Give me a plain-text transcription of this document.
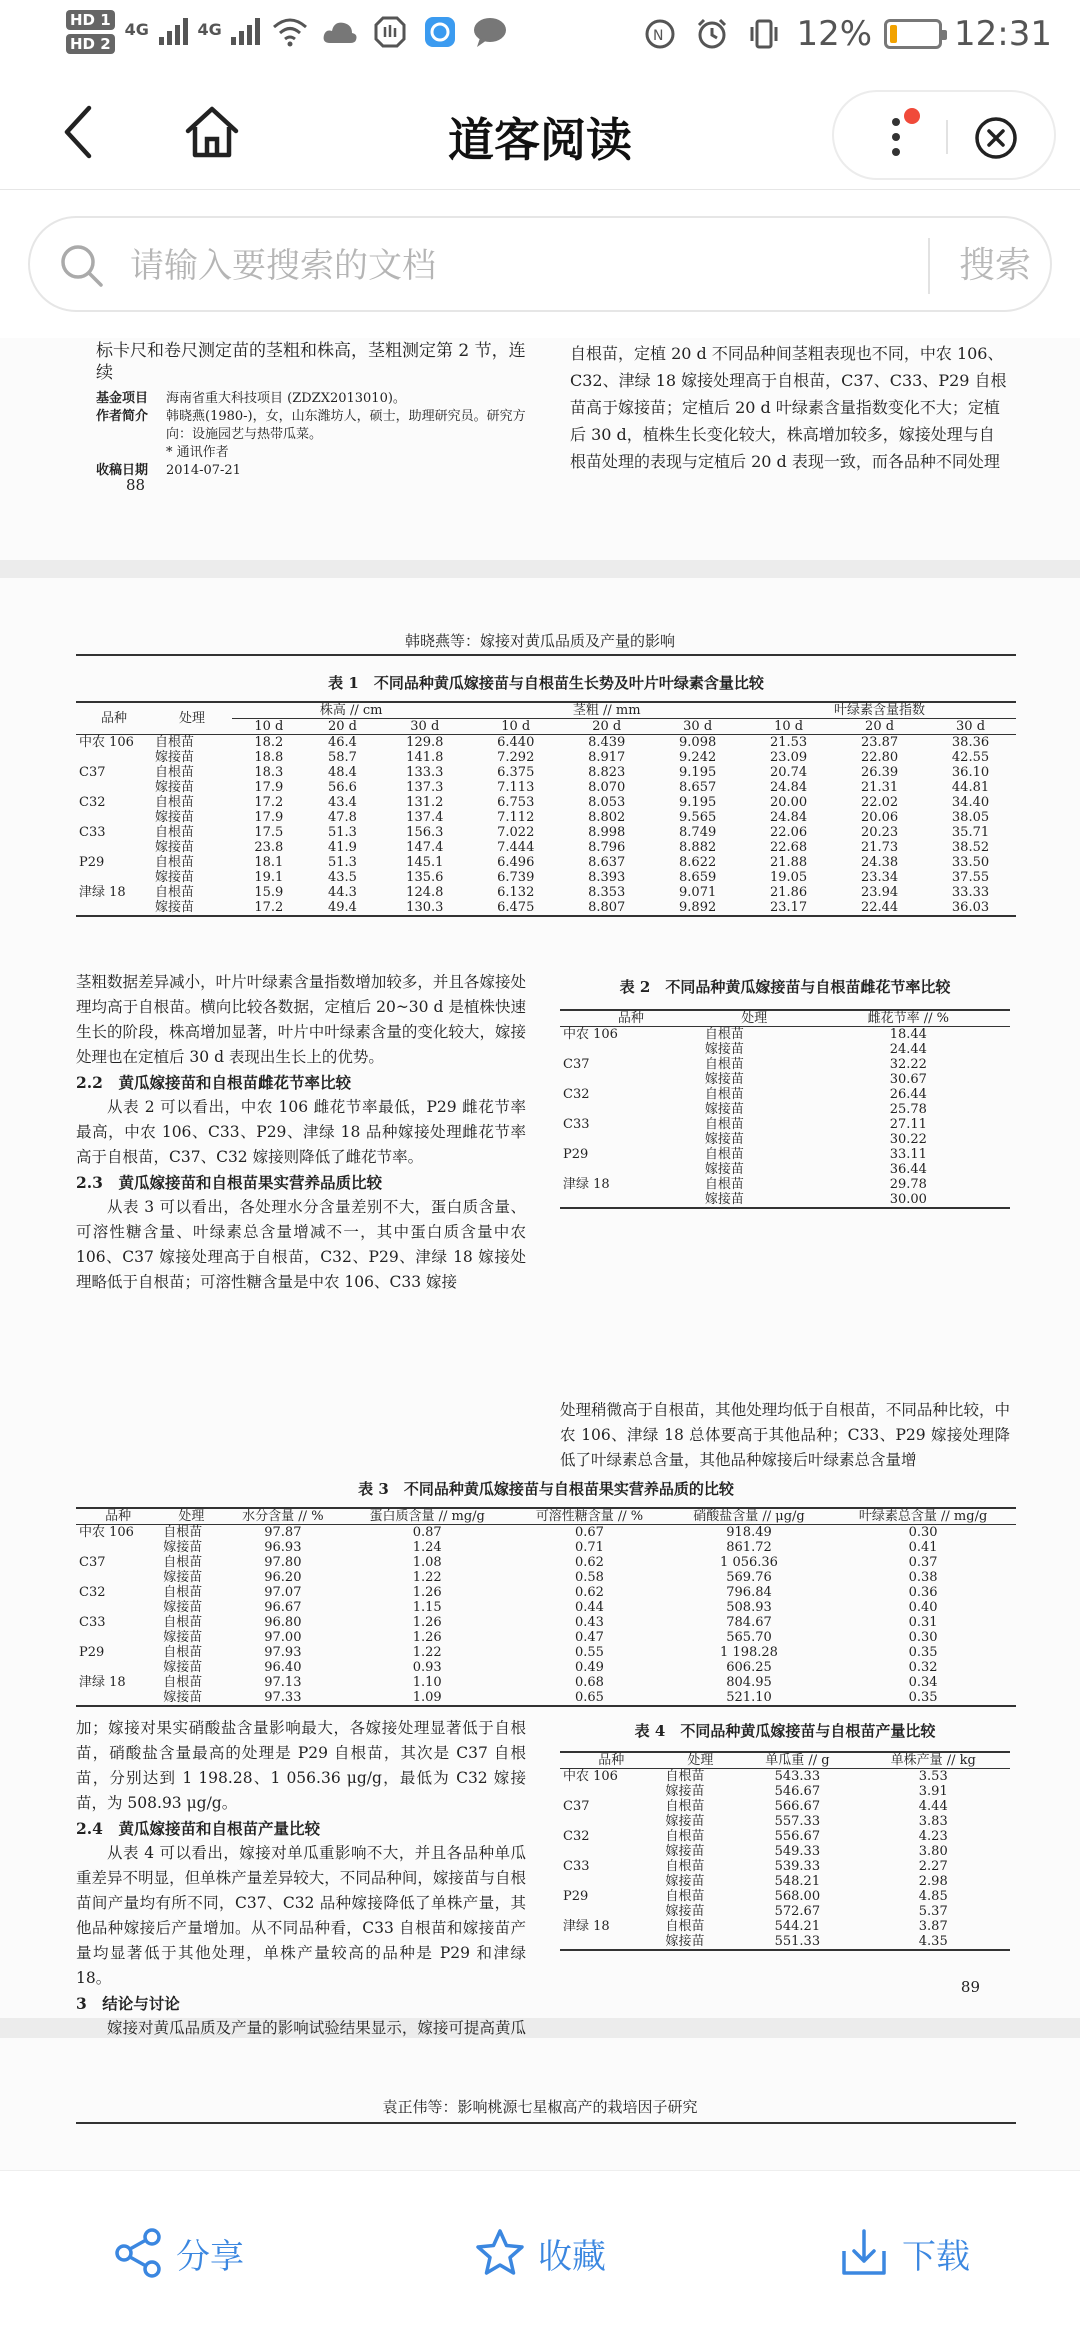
HD 1
HD 2
4G	4G	N	12% 12:31
道客阅读
请输入要搜索的文档
搜索
标卡尺和卷尺测定苗的茎粗和株高，茎粗测定第 2 节，连续
基金项目	海南省重大科技项目 (ZDZX2013010)。
作者简介	韩晓燕(1980-)，女，山东潍坊人，硕士，助理研究员。研究方向：设施园艺与热带瓜菜。
* 通讯作者
收稿日期	2014-07-21
88
自根苗，定植 20 d 不同品种间茎粗表现也不同，中农 106、C32、津绿 18 嫁接处理高于自根苗，C37、C33、P29 自根苗高于嫁接苗；定植后 20 d 叶绿素含量指数变化不大；定植后 30 d，植株生长变化较大，株高增加较多，嫁接处理与自根苗处理的表现与定植后 20 d 表现一致，而各品种不同处理
韩晓燕等：嫁接对黄瓜品质及产量的影响
表 1　不同品种黄瓜嫁接苗与自根苗生长势及叶片叶绿素含量比较
品种	处理	株高 // cm			茎粗 // mm			叶绿素含量指数		
		10 d	20 d	30 d	10 d	20 d	30 d	10 d	20 d	30 d
中农 106	自根苗	18.2	46.4	129.8	6.440	8.439	9.098	21.53	23.87	38.36
	嫁接苗	18.8	58.7	141.8	7.292	8.917	9.242	23.09	22.80	42.55
C37	自根苗	18.3	48.4	133.3	6.375	8.823	9.195	20.74	26.39	36.10
	嫁接苗	17.9	56.6	137.3	7.113	8.070	8.657	24.84	21.31	44.81
C32	自根苗	17.2	43.4	131.2	6.753	8.053	9.195	20.00	22.02	34.40
	嫁接苗	17.9	47.8	137.4	7.112	8.802	9.565	24.84	20.06	38.05
C33	自根苗	17.5	51.3	156.3	7.022	8.998	8.749	22.06	20.23	35.71
	嫁接苗	23.8	41.9	147.4	7.444	8.796	8.882	22.68	21.73	38.52
P29	自根苗	18.1	51.3	145.1	6.496	8.637	8.622	21.88	24.38	33.50
	嫁接苗	19.1	43.5	135.6	6.739	8.393	8.659	19.05	23.34	37.55
津绿 18	自根苗	15.9	44.3	124.8	6.132	8.353	9.071	21.86	23.94	33.33
	嫁接苗	17.2	49.4	130.3	6.475	8.807	9.892	23.17	22.44	36.03
茎粗数据差异减小，叶片叶绿素含量指数增加较多，并且各嫁接处理均高于自根苗。横向比较各数据，定植后 20~30 d 是植株快速生长的阶段，株高增加显著，叶片中叶绿素含量的变化较大，嫁接处理也在定植后 30 d 表现出生长上的优势。
2.2　黄瓜嫁接苗和自根苗雌花节率比较

从表 2 可以看出，中农 106 雌花节率最低，P29 雌花节率最高，中农 106、C33、P29、津绿 18 品种嫁接处理雌花节率高于自根苗，C37、C32 嫁接则降低了雌花节率。

2.3　黄瓜嫁接苗和自根苗果实营养品质比较

从表 3 可以看出，各处理水分含量差别不大，蛋白质含量、可溶性糖含量、叶绿素总含量增减不一，其中蛋白质含量中农 106、C37 嫁接处理高于自根苗，C32、P29、津绿 18 嫁接处理略低于自根苗；可溶性糖含量是中农 106、C33 嫁接

表 2　不同品种黄瓜嫁接苗与自根苗雌花节率比较
品种	处理	雌花节率 // %
中农 106	自根苗	18.44
	嫁接苗	24.44
C37	自根苗	32.22
	嫁接苗	30.67
C32	自根苗	26.44
	嫁接苗	25.78
C33	自根苗	27.11
	嫁接苗	30.22
P29	自根苗	33.11
	嫁接苗	36.44
津绿 18	自根苗	29.78
	嫁接苗	30.00
处理稍微高于自根苗，其他处理均低于自根苗，不同品种比较，中农 106、津绿 18 总体要高于其他品种；C33、P29 嫁接处理降低了叶绿素总含量，其他品种嫁接后叶绿素总含量增
表 3　不同品种黄瓜嫁接苗与自根苗果实营养品质的比较
品种	处理	水分含量 // %	蛋白质含量 // mg/g	可溶性糖含量 // %	硝酸盐含量 // μg/g	叶绿素总含量 // mg/g
中农 106	自根苗	97.87	0.87	0.67	918.49	0.30
	嫁接苗	96.93	1.24	0.71	861.72	0.41
C37	自根苗	97.80	1.08	0.62	1 056.36	0.37
	嫁接苗	96.20	1.22	0.58	569.76	0.38
C32	自根苗	97.07	1.26	0.62	796.84	0.36
	嫁接苗	96.67	1.15	0.44	508.93	0.40
C33	自根苗	96.80	1.26	0.43	784.67	0.31
	嫁接苗	97.00	1.26	0.47	565.70	0.30
P29	自根苗	97.93	1.22	0.55	1 198.28	0.35
	嫁接苗	96.40	0.93	0.49	606.25	0.32
津绿 18	自根苗	97.13	1.10	0.68	804.95	0.34
	嫁接苗	97.33	1.09	0.65	521.10	0.35
加；嫁接对果实硝酸盐含量影响最大，各嫁接处理显著低于自根苗，硝酸盐含量最高的处理是 P29 自根苗，其次是 C37 自根苗，分别达到 1 198.28、1 056.36 μg/g，最低为 C32 嫁接苗，为 508.93 μg/g。
2.4　黄瓜嫁接苗和自根苗产量比较

从表 4 可以看出，嫁接对单瓜重影响不大，并且各品种单瓜重差异不明显，但单株产量差异较大，不同品种间，嫁接苗与自根苗间产量均有所不同，C37、C32 品种嫁接降低了单株产量，其他品种嫁接后产量增加。从不同品种看，C33 自根苗和嫁接苗产量均显著低于其他处理，单株产量较高的品种是 P29 和津绿 18。

3　结论与讨论

嫁接对黄瓜品质及产量的影响试验结果显示，嫁接可提高黄瓜

表 4　不同品种黄瓜嫁接苗与自根苗产量比较
品种	处理	单瓜重 // g	单株产量 // kg
中农 106	自根苗	543.33	3.53
	嫁接苗	546.67	3.91
C37	自根苗	566.67	4.44
	嫁接苗	557.33	3.83
C32	自根苗	556.67	4.23
	嫁接苗	549.33	3.80
C33	自根苗	539.33	2.27
	嫁接苗	548.21	2.98
P29	自根苗	568.00	4.85
	嫁接苗	572.67	5.37
津绿 18	自根苗	544.21	3.87
	嫁接苗	551.33	4.35
89
袁正伟等：影响桃源七星椒高产的栽培因子研究
分享	收藏	下载
